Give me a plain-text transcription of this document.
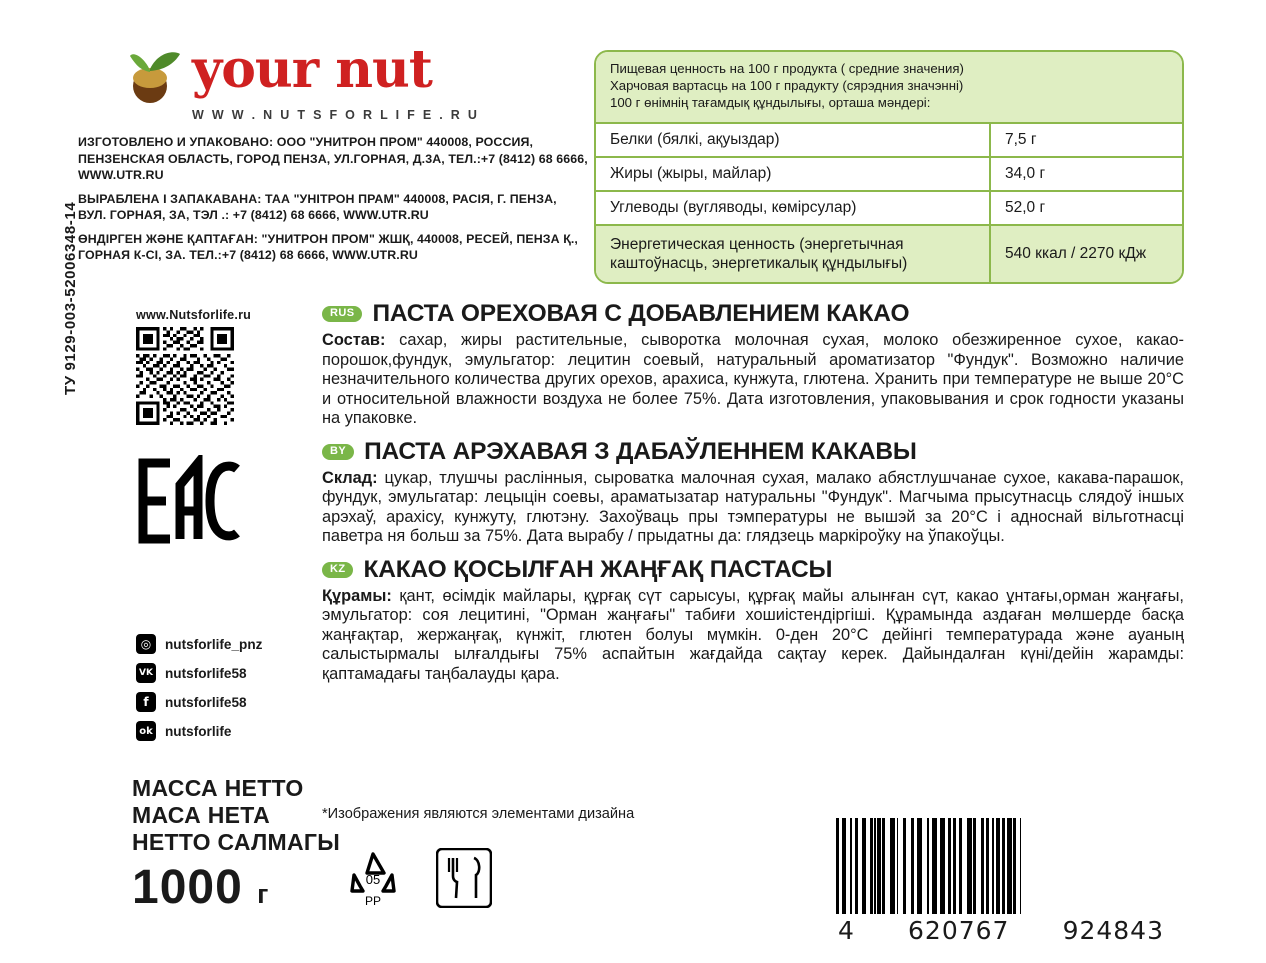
your nut
W W W . N U T S F O R L I F E . R U

ИЗГОТОВЛЕНО И УПАКОВАНО: ООО "УНИТРОН ПРОМ" 440008, РОССИЯ, ПЕНЗЕНСКАЯ ОБЛАСТЬ, ГОРОД ПЕНЗА, УЛ.ГОРНАЯ, Д.3А, ТЕЛ.:+7 (8412) 68 6666, WWW.UTR.RU

ВЫРАБЛЕНА І ЗАПАКАВАНА: ТАА "УНІТРОН ПРАМ" 440008, РАСІЯ, Г. ПЕНЗА, ВУЛ. ГОРНАЯ, ЗА, ТЭЛ .: +7 (8412) 68 6666, WWW.UTR.RU

ӨНДІРГЕН ЖӘНЕ ҚАПТАҒАН: "УНИТРОН ПРОМ" ЖШҚ, 440008, РЕСЕЙ, ПЕНЗА Қ., ГОРНАЯ К-СІ, ЗА. ТЕЛ.:+7 (8412) 68 6666, WWW.UTR.RU

Пищевая ценность на 100 г продукта ( средние значения)
Харчовая вартасць на 100 г прадукту (сярэдния значэнні)
100 г өнімнің тағамдық құндылығы, орташа мәндері:
Белки (бялкі, ақуыздар)	7,5 г
Жиры (жыры, майлар)	34,0 г
Углеводы (вугляводы, көмірсулар)	52,0 г
Энергетическая ценность (энергетычная каштоўнасць, энергетикалық құндылығы)	540 ккал / 2270 кДж
www.Nutsforlife.ru
ТУ 9129-003-52006348-14
◎	nutsforlife_pnz
VK nutsforlife58
f	nutsforlife58
ok nutsforlife
МАССА НЕТТО
МАСА НЕТА
НЕТТО САЛМАГЫ
1000 г
RUS ПАСТА ОРЕХОВАЯ С ДОБАВЛЕНИЕМ КАКАО
Состав: сахар, жиры растительные, сыворотка молочная сухая, молоко обезжиренное сухое, какао-порошок,фундук, эмульгатор: лецитин соевый, натуральный ароматизатор "Фундук". Возможно наличие незначительного количества других орехов, арахиса, кунжута, глютена. Хранить при температуре не выше 20°C и относительной влажности воздуха не более 75%. Дата изготовления, упаковывания и срок годности указаны на упаковке.
BY ПАСТА АРЭХАВАЯ З ДАБАЎЛЕННЕМ КАКАВЫ
Склад: цукар, тлушчы раслінныя, сыроватка малочная сухая, малако абястлушчанае сухое, какава-парашок, фундук, эмульгатар: лецыцін соевы, араматызатар натуральны "Фундук". Магчыма прысутнасць слядоў іншых арэхаў, арахісу, кунжуту, глютэну. Захоўваць пры тэмпературы не вышэй за 20°C і адноснай вільготнасці паветра ня больш за 75%. Дата вырабу / прыдатны да: глядзець маркіроўку на ўпакоўцы.
KZ КАКАО ҚОСЫЛҒАН ЖАҢҒАҚ ПАСТАСЫ
Құрамы: қант, өсімдік майлары, құрғақ сүт сарысуы, құрғақ майы алынған сүт, какао ұнтағы,орман жаңғағы, эмульгатор: соя лецитині, "Орман жаңғағы" табиғи хошиістендіргіші. Құрамында аздаған мөлшерде басқа жаңғақтар, жержаңғақ, күнжіт, глютен болуы мүмкін. 0-ден 20°C дейінгі температурада және ауаның салыстырмалы ылғалдығы 75% аспайтын жағдайда сақтау керек. Дайындалған күні/дейін жарамды: қаптамадағы таңбалауды қара.
*Изображения являются элементами дизайна
05
PP
4 620767 924843
